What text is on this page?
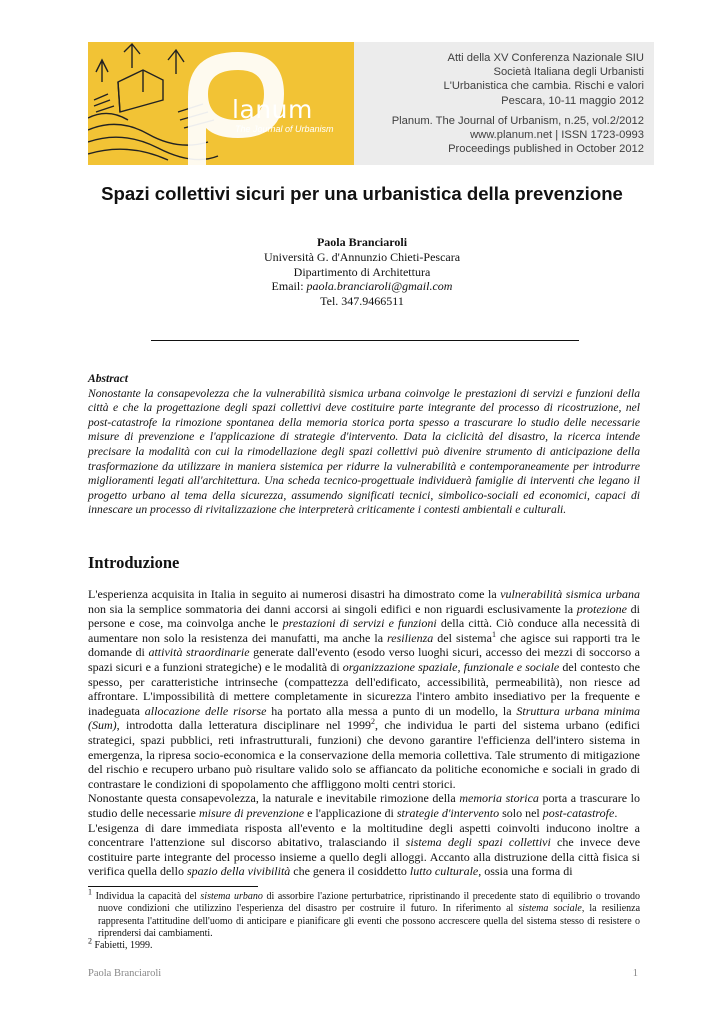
lanum
The Journal of Urbanism
Atti della XV Conferenza Nazionale SIU
Società Italiana degli Urbanisti
L'Urbanistica che cambia. Rischi e valori
Pescara, 10-11 maggio 2012
Planum. The Journal of Urbanism, n.25, vol.2/2012
www.planum.net | ISSN 1723-0993
Proceedings published in October 2012
Spazi collettivi sicuri per una urbanistica della prevenzione
Paola Branciaroli
Università G. d'Annunzio Chieti-Pescara
Dipartimento di Architettura
Email: paola.branciaroli@gmail.com
Tel. 347.9466511
Abstract
Nonostante la consapevolezza che la vulnerabilità sismica urbana coinvolge le prestazioni di servizi e funzioni della città e che la progettazione degli spazi collettivi deve costituire parte integrante del processo di ricostruzione, nel post-catastrofe la rimozione spontanea della memoria storica porta spesso a trascurare lo studio delle necessarie misure di prevenzione e l'applicazione di strategie d'intervento. Data la ciclicità del disastro, la ricerca intende precisare la modalità con cui la rimodellazione degli spazi collettivi può divenire strumento di anticipazione della trasformazione da utilizzare in maniera sistemica per ridurre la vulnerabilità e contemporaneamente per introdurre miglioramenti legati all'architettura. Una scheda tecnico-progettuale individuerà famiglie di interventi che legano il progetto urbano al tema della sicurezza, assumendo significati tecnici, simbolico-sociali ed economici, capaci di innescare un processo di rivitalizzazione che interpreterà criticamente i contesti ambientali e culturali.
Introduzione

L'esperienza acquisita in Italia in seguito ai numerosi disastri ha dimostrato come la vulnerabilità sismica urbana non sia la semplice sommatoria dei danni accorsi ai singoli edifici e non riguardi esclusivamente la protezione di persone e cose, ma coinvolga anche le prestazioni di servizi e funzioni della città. Ciò conduce alla necessità di aumentare non solo la resistenza dei manufatti, ma anche la resilienza del sistema$^1$ che agisce sui rapporti tra le domande di attività straordinarie generate dall'evento (esodo verso luoghi sicuri, accesso dei mezzi di soccorso a spazi sicuri e a funzioni strategiche) e le modalità di organizzazione spaziale, funzionale e sociale del contesto che spesso, per caratteristiche intrinseche (compattezza dell'edificato, accessibilità, permeabilità), non riesce ad affrontare. L'impossibilità di mettere completamente in sicurezza l'intero ambito insediativo per la frequente e inadeguata allocazione delle risorse ha portato alla messa a punto di un modello, la Struttura urbana minima (Sum), introdotta dalla letteratura disciplinare nel 1999$^2$, che individua le parti del sistema urbano (edifici strategici, spazi pubblici, reti infrastrutturali, funzioni) che devono garantire l'efficienza dell'intero sistema in emergenza, la ripresa socio-economica e la conservazione della memoria collettiva. Tale strumento di mitigazione del rischio e recupero urbano può risultare valido solo se affiancato da politiche economiche e sociali in grado di contrastare le condizioni di spopolamento che affliggono molti centri storici.

Nonostante questa consapevolezza, la naturale e inevitabile rimozione della memoria storica porta a trascurare lo studio delle necessarie misure di prevenzione e l'applicazione di strategie d'intervento solo nel post-catastrofe.

L'esigenza di dare immediata risposta all'evento e la moltitudine degli aspetti coinvolti inducono inoltre a concentrare l'attenzione sul discorso abitativo, tralasciando il sistema degli spazi collettivi che invece deve costituire parte integrante del processo insieme a quello degli alloggi. Accanto alla distruzione della città fisica si verifica quella dello spazio della vivibilità che genera il cosiddetto lutto culturale, ossia una forma di

$^1$ Individua la capacità del sistema urbano di assorbire l'azione perturbatrice, ripristinando il precedente stato di equilibrio o trovando nuove condizioni che utilizzino l'esperienza del disastro per costruire il futuro. In riferimento al sistema sociale, la resilienza rappresenta l'attitudine dell'uomo di anticipare e pianificare gli eventi che possono accrescere quella del sistema stesso di resistere o riprendersi dai cambiamenti.
$^2$ Fabietti, 1999.
Paola Branciaroli	1
